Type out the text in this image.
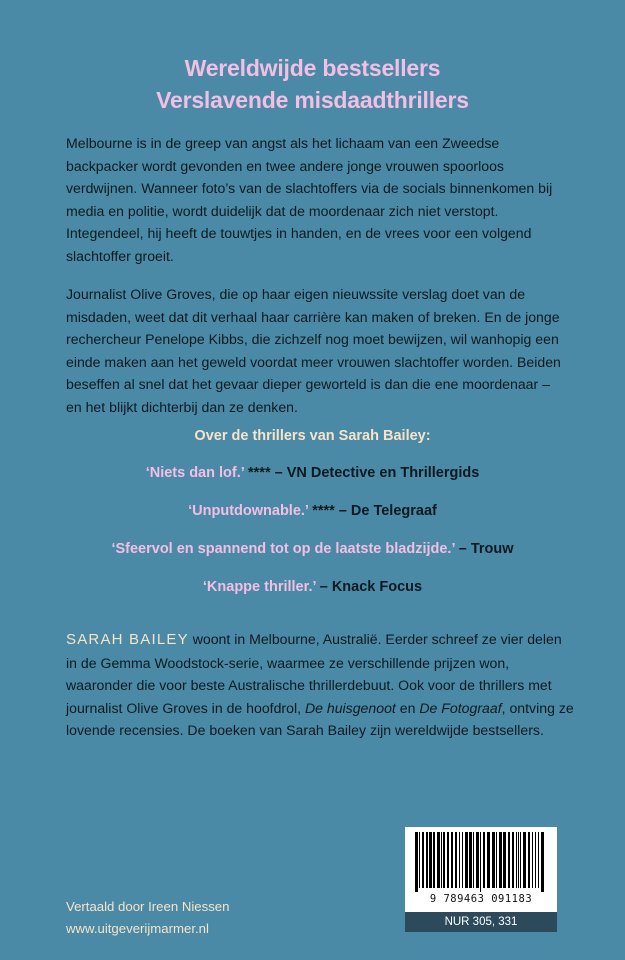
Wereldwijde bestsellers
Verslavende misdaadthrillers

Melbourne is in de greep van angst als het lichaam van een Zweedse backpacker wordt gevonden en twee andere jonge vrouwen spoorloos verdwijnen. Wanneer foto’s van de slachtoffers via de socials binnenkomen bij media en politie, wordt duidelijk dat de moordenaar zich niet verstopt. Integendeel, hij heeft de touwtjes in handen, en de vrees voor een volgend slachtoffer groeit.

Journalist Olive Groves, die op haar eigen nieuwssite verslag doet van de misdaden, weet dat dit verhaal haar carrière kan maken of breken. En de jonge rechercheur Penelope Kibbs, die zichzelf nog moet bewijzen, wil wanhopig een einde maken aan het geweld voordat meer vrouwen slachtoffer worden. Beiden beseffen al snel dat het gevaar dieper geworteld is dan die ene moordenaar – en het blijkt dichterbij dan ze denken.

Over de thrillers van Sarah Bailey:
‘Niets dan lof.’ **** – VN Detective en Thrillergids
‘Unputdownable.’ **** – De Telegraaf
‘Sfeervol en spannend tot op de laatste bladzijde.’ – Trouw
‘Knappe thriller.’ – Knack Focus

SARAH BAILEY woont in Melbourne, Australië. Eerder schreef ze vier delen in de Gemma Woodstock-serie, waarmee ze verschillende prijzen won, waaronder die voor beste Australische thrillerdebuut. Ook voor de thrillers met journalist Olive Groves in de hoofdrol, De huisgenoot en De Fotograaf, ontving ze lovende recensies. De boeken van Sarah Bailey zijn wereldwijde bestsellers.

Vertaald door Ireen Niessen
www.uitgeverijmarmer.nl
9 789463 091183
NUR 305, 331
